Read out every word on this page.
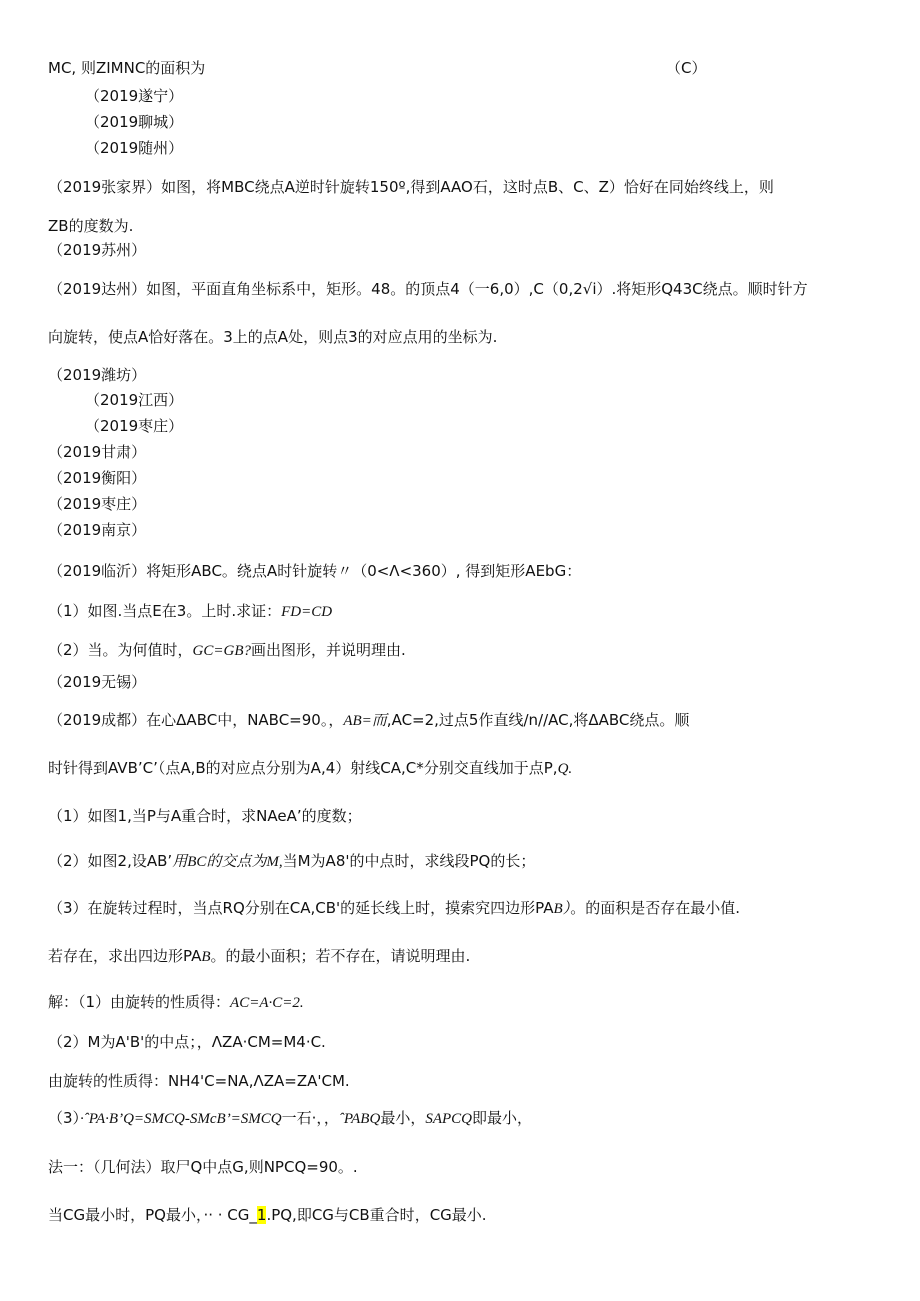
MC, 则ZIMNC的面积为	（C）
（2019遂宁）
（2019聊城）
（2019随州）
（2019张家界）如图，将MBC绕点A逆时针旋转150º,得到AAO石，这时点B、C、Z）恰好在同始终线上，则
ZB的度数为.
（2019苏州）
（2019达州）如图，平面直角坐标系中，矩形。48。的顶点4（一6,0）,C（0,2√i）.将矩形Q43C绕点。顺时针方
向旋转，使点A恰好落在。3上的点A处，则点3的对应点用的坐标为.
（2019潍坊）
（2019江西）
（2019枣庄）
（2019甘肃）
（2019衡阳）
（2019枣庄）
（2019南京）
（2019临沂）将矩形ABC。绕点A时针旋转〃（0<Λ<360）, 得到矩形AEbG：
（1）如图.当点E在3。上时.求证：FD=CD
（2）当。为何值时，GC=GB?画出图形，并说明理由.
（2019无锡）
（2019成都）在心ΔABC中，NABC=90。，AB=而,AC=2,过点5作直线/n//AC,将ΔABC绕点。顺
时针得到AVB’C’（点A,B的对应点分别为A,4）射线CA,C*分别交直线加于点P,Q.
（1）如图1,当P与A重合时，求NAeA’的度数；
（2）如图2,设AB’用BC的交点为M,当M为A8'的中点时，求线段PQ的长；
（3）在旋转过程时，当点RQ分别在CA,CB'的延长线上时，摸索究四边形PAB）。的面积是否存在最小值.
若存在，求出四边形PAB。的最小面积；若不存在，请说明理由.
解：（1）由旋转的性质得：AC=A·C=2.
（2）M为A'B'的中点；，ΛZA·CM=M4·C.
由旋转的性质得：NH4'C=NA,ΛZA=ZA'CM.
（3）·ˆPA·B’Q=SMCQ-SMcB’=SMCQ一石·，，ˆPABQ最小，SAPCQ即最小，
法一：（几何法）取尸Q中点G,则NPCQ=90。.
当CG最小时，PQ最小，·· · CG_1.PQ,即CG与CB重合时，CG最小.
